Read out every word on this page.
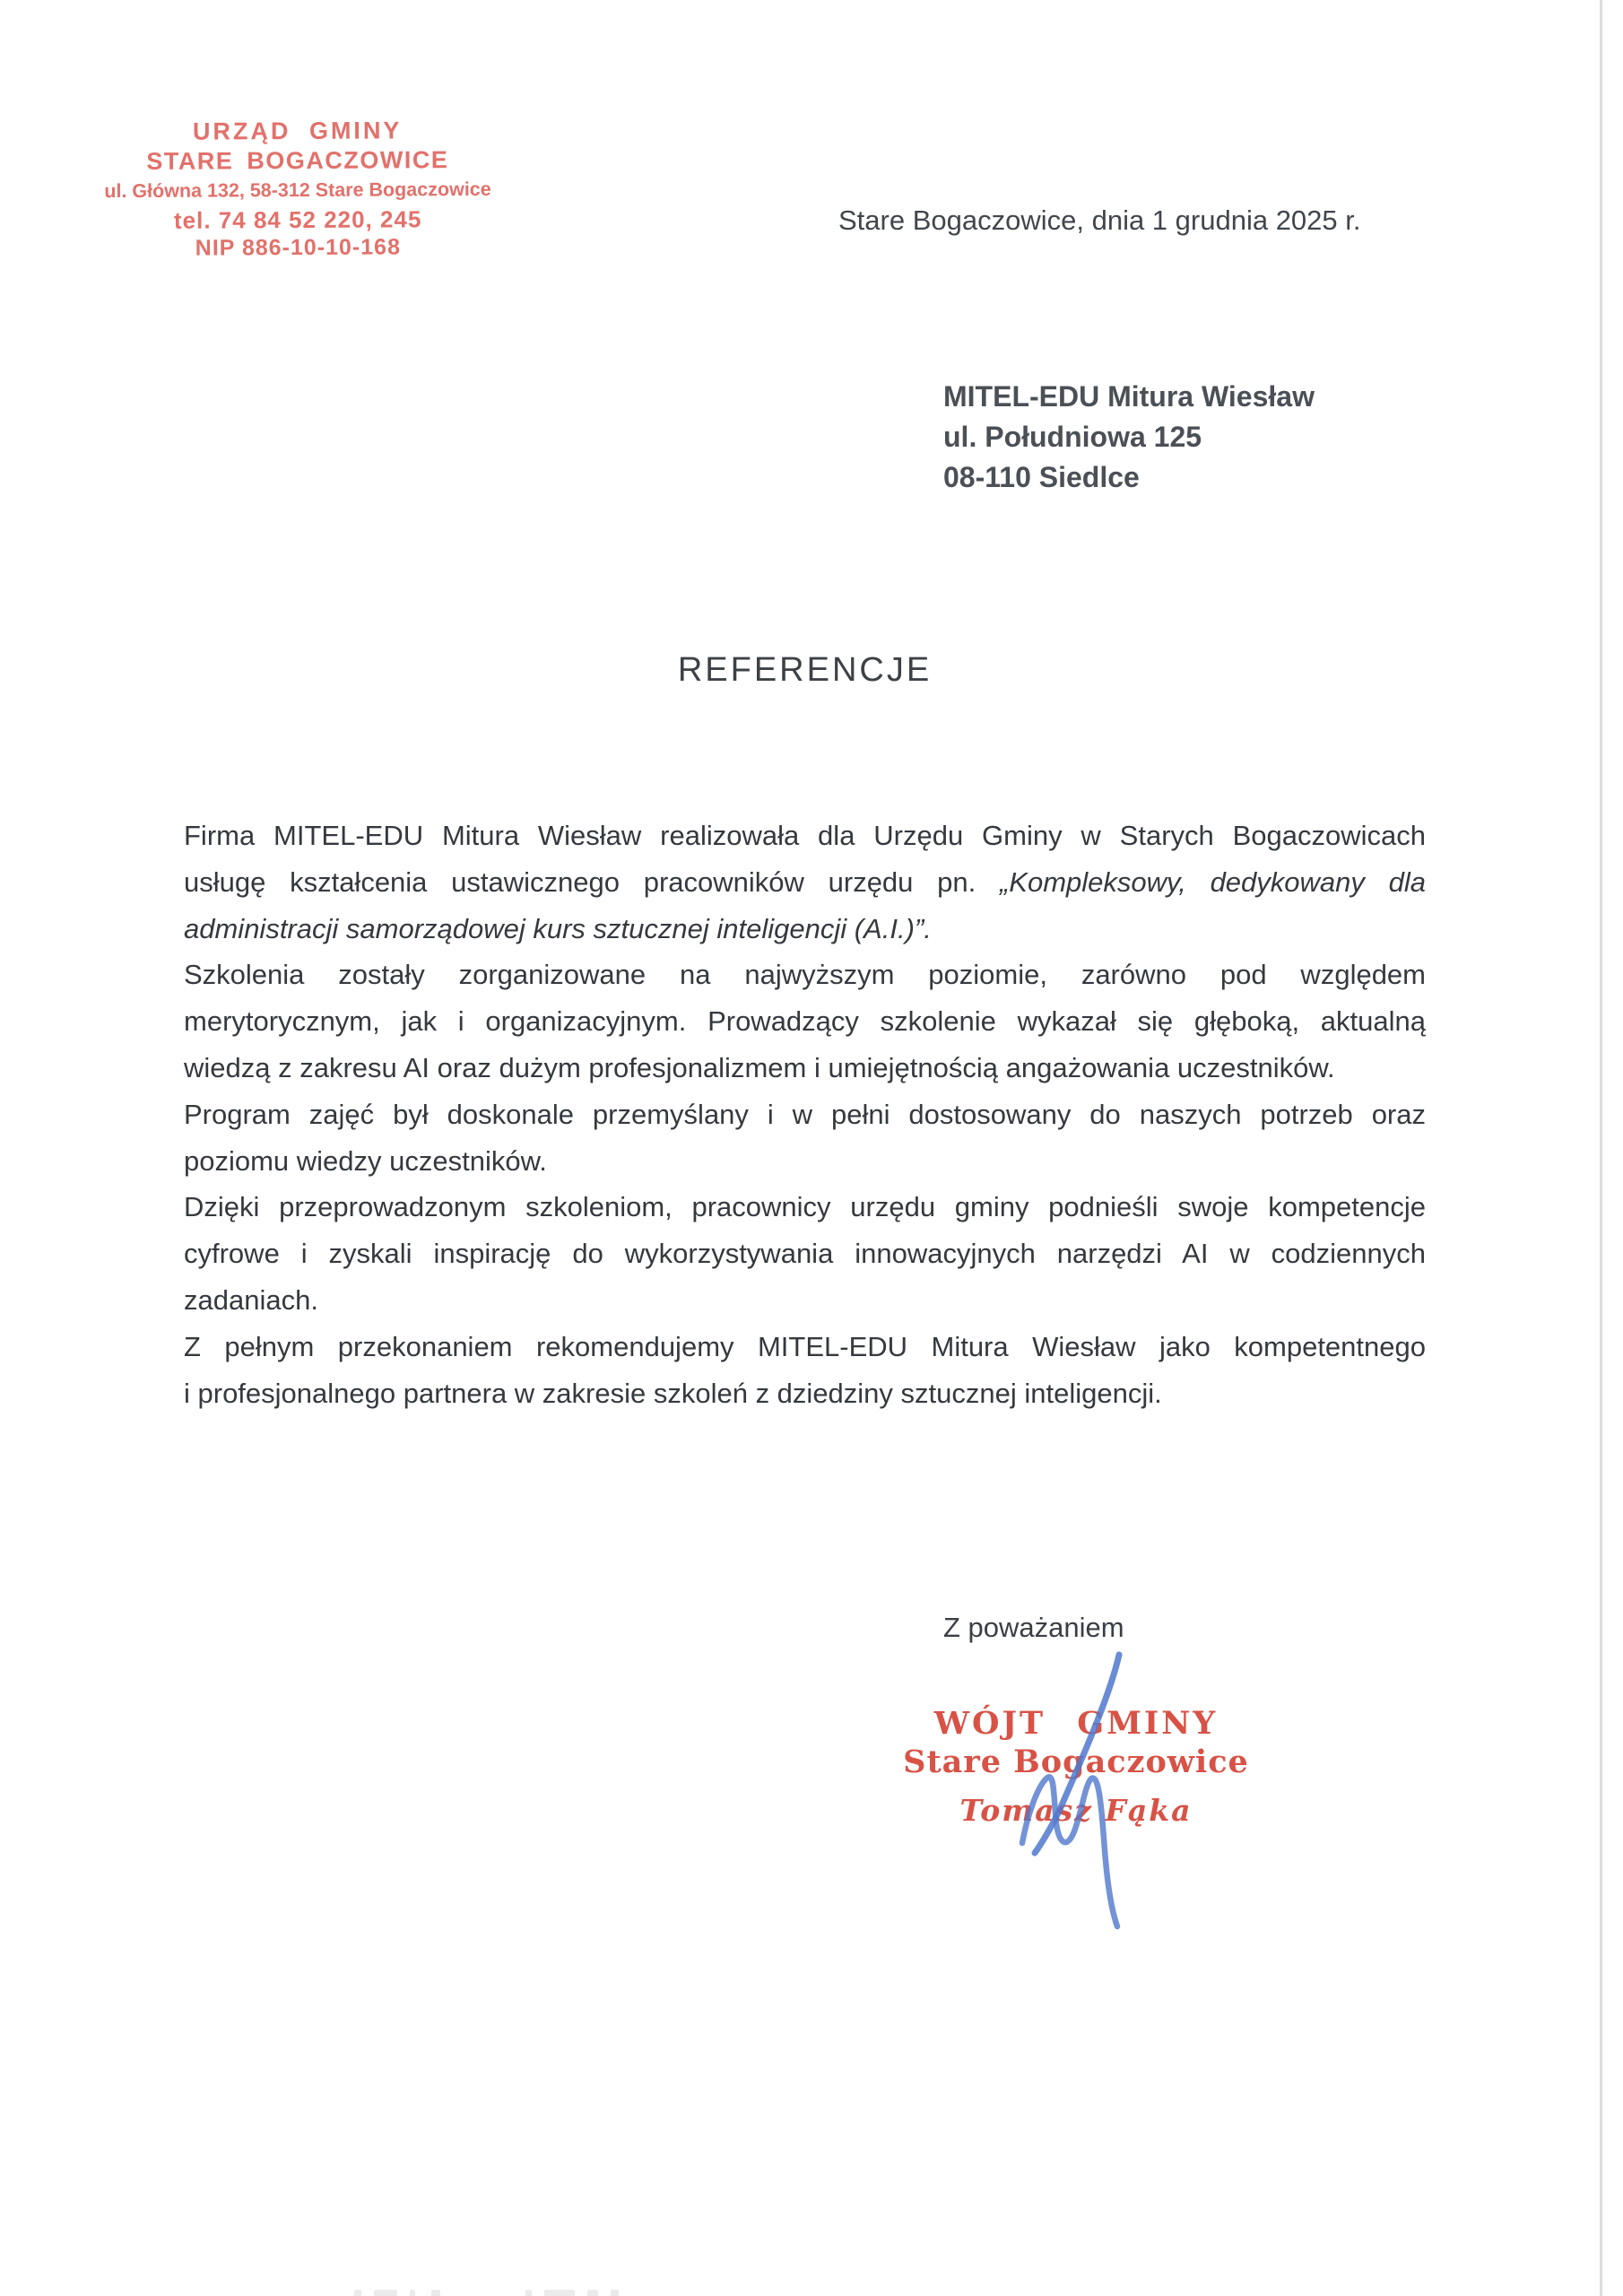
URZĄD GMINY
STARE BOGACZOWICE
ul. Główna 132, 58-312 Stare Bogaczowice
tel. 74 84 52 220, 245
NIP 886-10-10-168
Stare Bogaczowice, dnia 1 grudnia 2025 r.
MITEL-EDU Mitura Wiesław
ul. Południowa 125
08-110 Siedlce
REFERENCJE
Firma MITEL-EDU Mitura Wiesław realizowała dla Urzędu Gminy w Starych Bogaczowicach
usługę kształcenia ustawicznego pracowników urzędu pn. „Kompleksowy, dedykowany dla
administracji samorządowej kurs sztucznej inteligencji (A.I.)”.
Szkolenia zostały zorganizowane na najwyższym poziomie, zarówno pod względem
merytorycznym, jak i organizacyjnym. Prowadzący szkolenie wykazał się głęboką, aktualną
wiedzą z zakresu AI oraz dużym profesjonalizmem i umiejętnością angażowania uczestników.
Program zajęć był doskonale przemyślany i w pełni dostosowany do naszych potrzeb oraz
poziomu wiedzy uczestników.
Dzięki przeprowadzonym szkoleniom, pracownicy urzędu gminy podnieśli swoje kompetencje
cyfrowe i zyskali inspirację do wykorzystywania innowacyjnych narzędzi AI w codziennych
zadaniach.
Z pełnym przekonaniem rekomendujemy MITEL-EDU Mitura Wiesław jako kompetentnego
i profesjonalnego partnera w zakresie szkoleń z dziedziny sztucznej inteligencji.
Z poważaniem
WÓJT GMINY
Stare Bogaczowice
Tomasz Fąka
